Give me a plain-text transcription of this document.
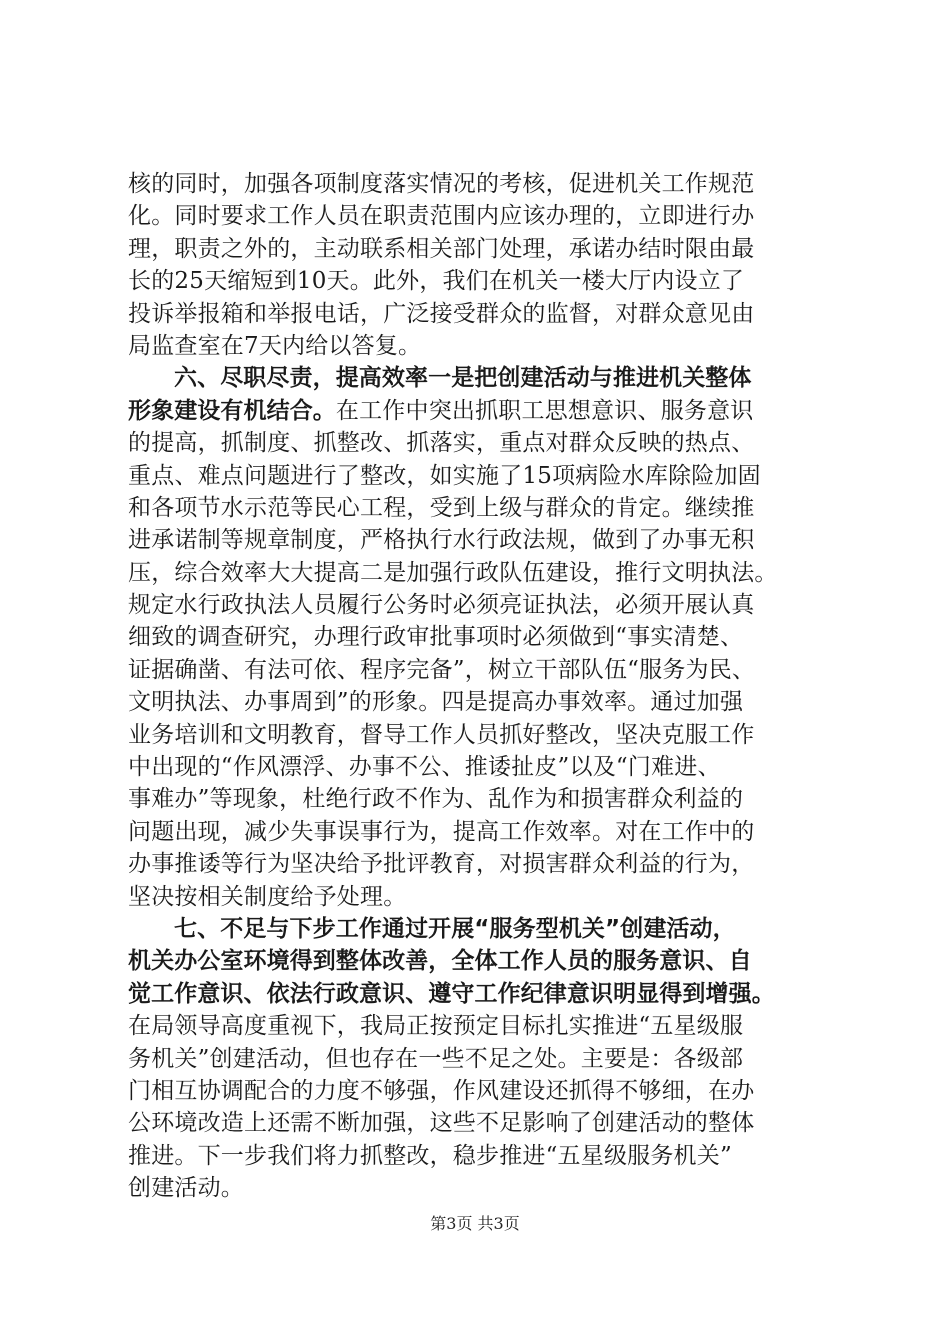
核的同时，加强各项制度落实情况的考核，促进机关工作规范
化。同时要求工作人员在职责范围内应该办理的，立即进行办
理，职责之外的，主动联系相关部门处理，承诺办结时限由最
长的25天缩短到10天。此外，我们在机关一楼大厅内设立了
投诉举报箱和举报电话，广泛接受群众的监督，对群众意见由
局监查室在7天内给以答复。
六、尽职尽责，提高效率一是把创建活动与推进机关整体
形象建设有机结合。在工作中突出抓职工思想意识、服务意识
的提高，抓制度、抓整改、抓落实，重点对群众反映的热点、
重点、难点问题进行了整改，如实施了15项病险水库除险加固
和各项节水示范等民心工程，受到上级与群众的肯定。继续推
进承诺制等规章制度，严格执行水行政法规，做到了办事无积
压，综合效率大大提高二是加强行政队伍建设，推行文明执法。
规定水行政执法人员履行公务时必须亮证执法，必须开展认真
细致的调查研究，办理行政审批事项时必须做到“事实清楚、
证据确凿、有法可依、程序完备”，树立干部队伍“服务为民、
文明执法、办事周到”的形象。四是提高办事效率。通过加强
业务培训和文明教育，督导工作人员抓好整改，坚决克服工作
中出现的“作风漂浮、办事不公、推诿扯皮”以及“门难进、
事难办”等现象，杜绝行政不作为、乱作为和损害群众利益的
问题出现，减少失事误事行为，提高工作效率。对在工作中的
办事推诿等行为坚决给予批评教育，对损害群众利益的行为，
坚决按相关制度给予处理。
七、不足与下步工作通过开展“服务型机关”创建活动，
机关办公室环境得到整体改善，全体工作人员的服务意识、自
觉工作意识、依法行政意识、遵守工作纪律意识明显得到增强。
在局领导高度重视下，我局正按预定目标扎实推进“五星级服
务机关”创建活动，但也存在一些不足之处。主要是：各级部
门相互协调配合的力度不够强，作风建设还抓得不够细，在办
公环境改造上还需不断加强，这些不足影响了创建活动的整体
推进。下一步我们将力抓整改，稳步推进“五星级服务机关”
创建活动。
第3页 共3页
